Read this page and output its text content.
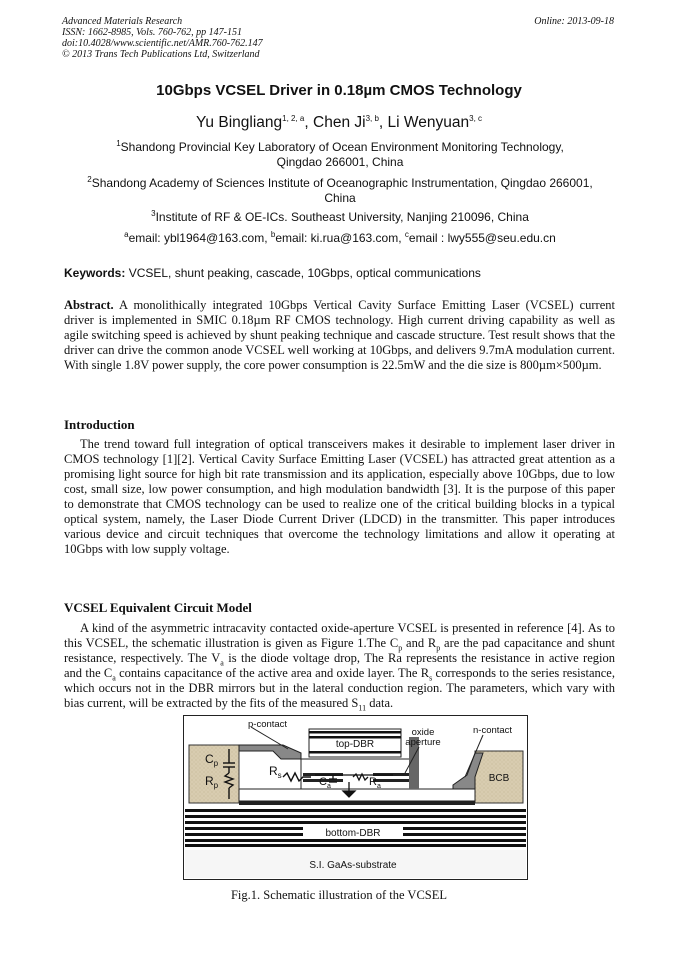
Advanced Materials Research
ISSN: 1662-8985, Vols. 760-762, pp 147-151
doi:10.4028/www.scientific.net/AMR.760-762.147
© 2013 Trans Tech Publications Ltd, Switzerland
Online: 2013-09-18
10Gbps VCSEL Driver in 0.18µm CMOS Technology
Yu Bingliang$^{1, 2, a}$, Chen Ji$^{3, b}$, Li Wenyuan$^{3, c}$
$^1$Shandong Provincial Key Laboratory of Ocean Environment Monitoring Technology,
Qingdao 266001, China
$^2$Shandong Academy of Sciences Institute of Oceanographic Instrumentation, Qingdao 266001,
China
$^3$Institute of RF & OE-ICs. Southeast University, Nanjing 210096, China
$^a$email: ybl1964@163.com, $^b$email: ki.rua@163.com, $^c$email : lwy555@seu.edu.cn
Keywords: VCSEL, shunt peaking, cascade, 10Gbps, optical communications
Abstract. A monolithically integrated 10Gbps Vertical Cavity Surface Emitting Laser (VCSEL) current driver is implemented in SMIC 0.18µm RF CMOS technology. High current driving capability as well as agile switching speed is achieved by shunt peaking technique and cascade structure. Test result shows that the driver can drive the common anode VCSEL well working at 10Gbps, and delivers 9.7mA modulation current. With single 1.8V power supply, the core power consumption is 22.5mW and the die size is 800µm×500µm.
Introduction
The trend toward full integration of optical transceivers makes it desirable to implement laser driver in CMOS technology [1][2]. Vertical Cavity Surface Emitting Laser (VCSEL) has attracted great attention as a promising light source for high bit rate transmission and its application, especially above 10Gbps, due to low cost, small size, low power consumption, and high modulation bandwidth [3]. It is the purpose of this paper to demonstrate that CMOS technology can be used to realize one of the critical building blocks in a typical optical system, namely, the Laser Diode Current Driver (LDCD) in the transmitter. This paper introduces various device and circuit techniques that overcome the technology limitations and allow it operating at 10Gbps with low supply voltage.
VCSEL Equivalent Circuit Model
A kind of the asymmetric intracavity contacted oxide-aperture VCSEL is presented in reference [4]. As to this VCSEL, the schematic illustration is given as Figure 1.The $C_p$ and $R_p$ are the pad capacitance and shunt resistance, respectively. The $V_a$ is the diode voltage drop, The Ra represents the resistance in active region and the $C_a$ contains capacitance of the active area and oxide layer. The $R_s$ corresponds to the series resistance, which occurs not in the DBR mirrors but in the lateral conduction region. The parameters, which vary with bias current, will be extracted by the fits of the measured $S_{11}$ data.
S.I. GaAs-substrate
bottom-DBR
BCB
p-contact
top-DBR
oxide
aperture
n-contact
$C_p$
$R_p$
$R_s$
$C_a$	$R_a$
Fig.1. Schematic illustration of the VCSEL
